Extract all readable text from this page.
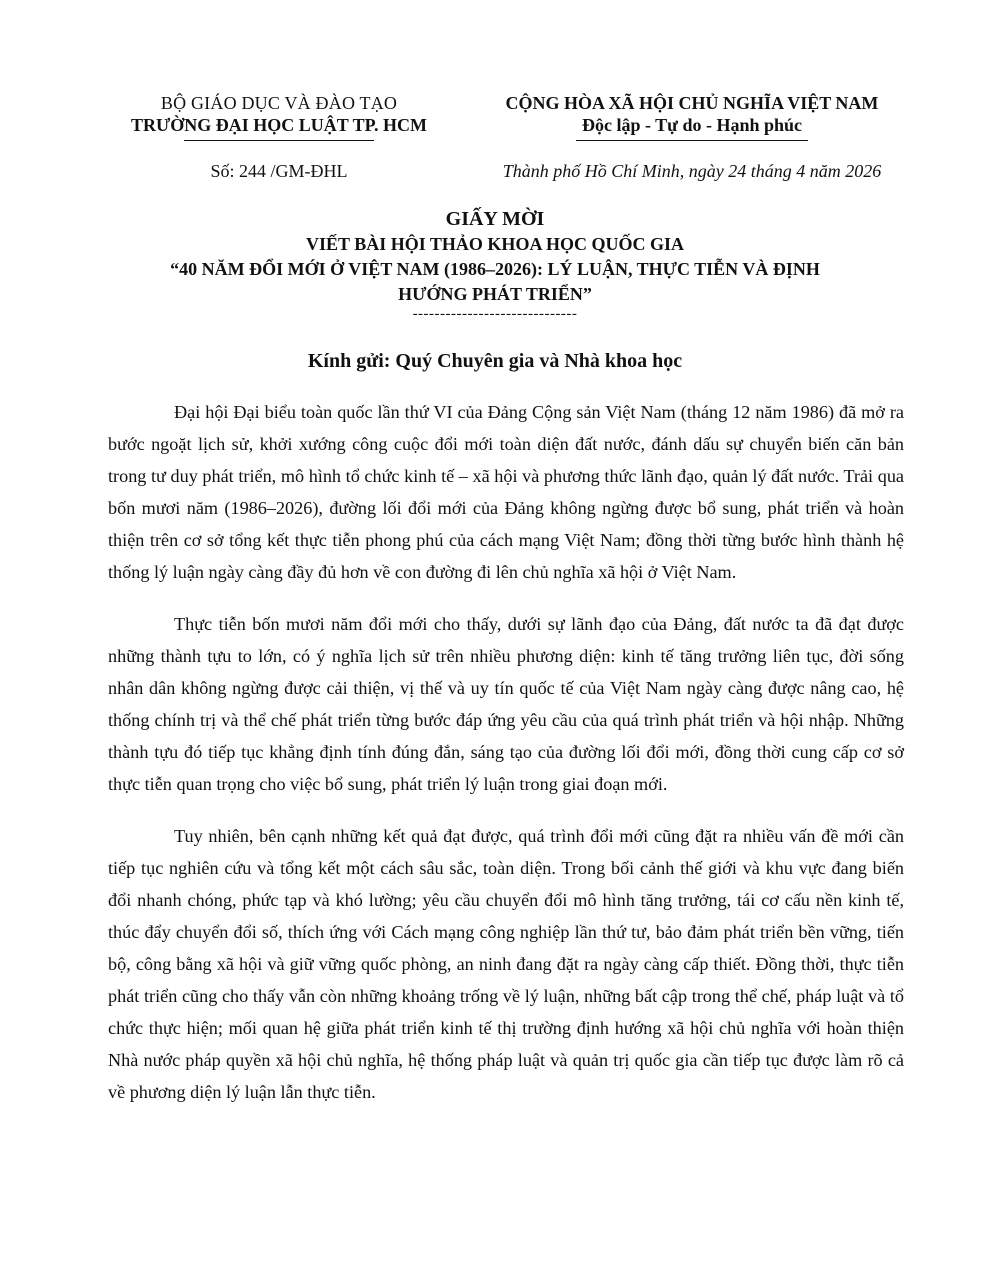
BỘ GIÁO DỤC VÀ ĐÀO TẠO
TRƯỜNG ĐẠI HỌC LUẬT TP. HCM
CỘNG HÒA XÃ HỘI CHỦ NGHĨA VIỆT NAM
Độc lập - Tự do - Hạnh phúc
Số: 244 /GM-ĐHL	Thành phố Hồ Chí Minh, ngày 24 tháng 4 năm 2026
GIẤY MỜI
VIẾT BÀI HỘI THẢO KHOA HỌC QUỐC GIA
“40 NĂM ĐỔI MỚI Ở VIỆT NAM (1986–2026): LÝ LUẬN, THỰC TIỄN VÀ ĐỊNH
HƯỚNG PHÁT TRIỂN”
------------------------------
Kính gửi: Quý Chuyên gia và Nhà khoa học

Đại hội Đại biểu toàn quốc lần thứ VI của Đảng Cộng sản Việt Nam (tháng 12 năm 1986) đã mở ra bước ngoặt lịch sử, khởi xướng công cuộc đổi mới toàn diện đất nước, đánh dấu sự chuyển biến căn bản trong tư duy phát triển, mô hình tổ chức kinh tế – xã hội và phương thức lãnh đạo, quản lý đất nước. Trải qua bốn mươi năm (1986–2026), đường lối đổi mới của Đảng không ngừng được bổ sung, phát triển và hoàn thiện trên cơ sở tổng kết thực tiễn phong phú của cách mạng Việt Nam; đồng thời từng bước hình thành hệ thống lý luận ngày càng đầy đủ hơn về con đường đi lên chủ nghĩa xã hội ở Việt Nam.

Thực tiễn bốn mươi năm đổi mới cho thấy, dưới sự lãnh đạo của Đảng, đất nước ta đã đạt được những thành tựu to lớn, có ý nghĩa lịch sử trên nhiều phương diện: kinh tế tăng trưởng liên tục, đời sống nhân dân không ngừng được cải thiện, vị thế và uy tín quốc tế của Việt Nam ngày càng được nâng cao, hệ thống chính trị và thể chế phát triển từng bước đáp ứng yêu cầu của quá trình phát triển và hội nhập. Những thành tựu đó tiếp tục khẳng định tính đúng đắn, sáng tạo của đường lối đổi mới, đồng thời cung cấp cơ sở thực tiễn quan trọng cho việc bổ sung, phát triển lý luận trong giai đoạn mới.

Tuy nhiên, bên cạnh những kết quả đạt được, quá trình đổi mới cũng đặt ra nhiều vấn đề mới cần tiếp tục nghiên cứu và tổng kết một cách sâu sắc, toàn diện. Trong bối cảnh thế giới và khu vực đang biến đổi nhanh chóng, phức tạp và khó lường; yêu cầu chuyển đổi mô hình tăng trưởng, tái cơ cấu nền kinh tế, thúc đẩy chuyển đổi số, thích ứng với Cách mạng công nghiệp lần thứ tư, bảo đảm phát triển bền vững, tiến bộ, công bằng xã hội và giữ vững quốc phòng, an ninh đang đặt ra ngày càng cấp thiết. Đồng thời, thực tiễn phát triển cũng cho thấy vẫn còn những khoảng trống về lý luận, những bất cập trong thể chế, pháp luật và tổ chức thực hiện; mối quan hệ giữa phát triển kinh tế thị trường định hướng xã hội chủ nghĩa với hoàn thiện Nhà nước pháp quyền xã hội chủ nghĩa, hệ thống pháp luật và quản trị quốc gia cần tiếp tục được làm rõ cả về phương diện lý luận lẫn thực tiễn.
